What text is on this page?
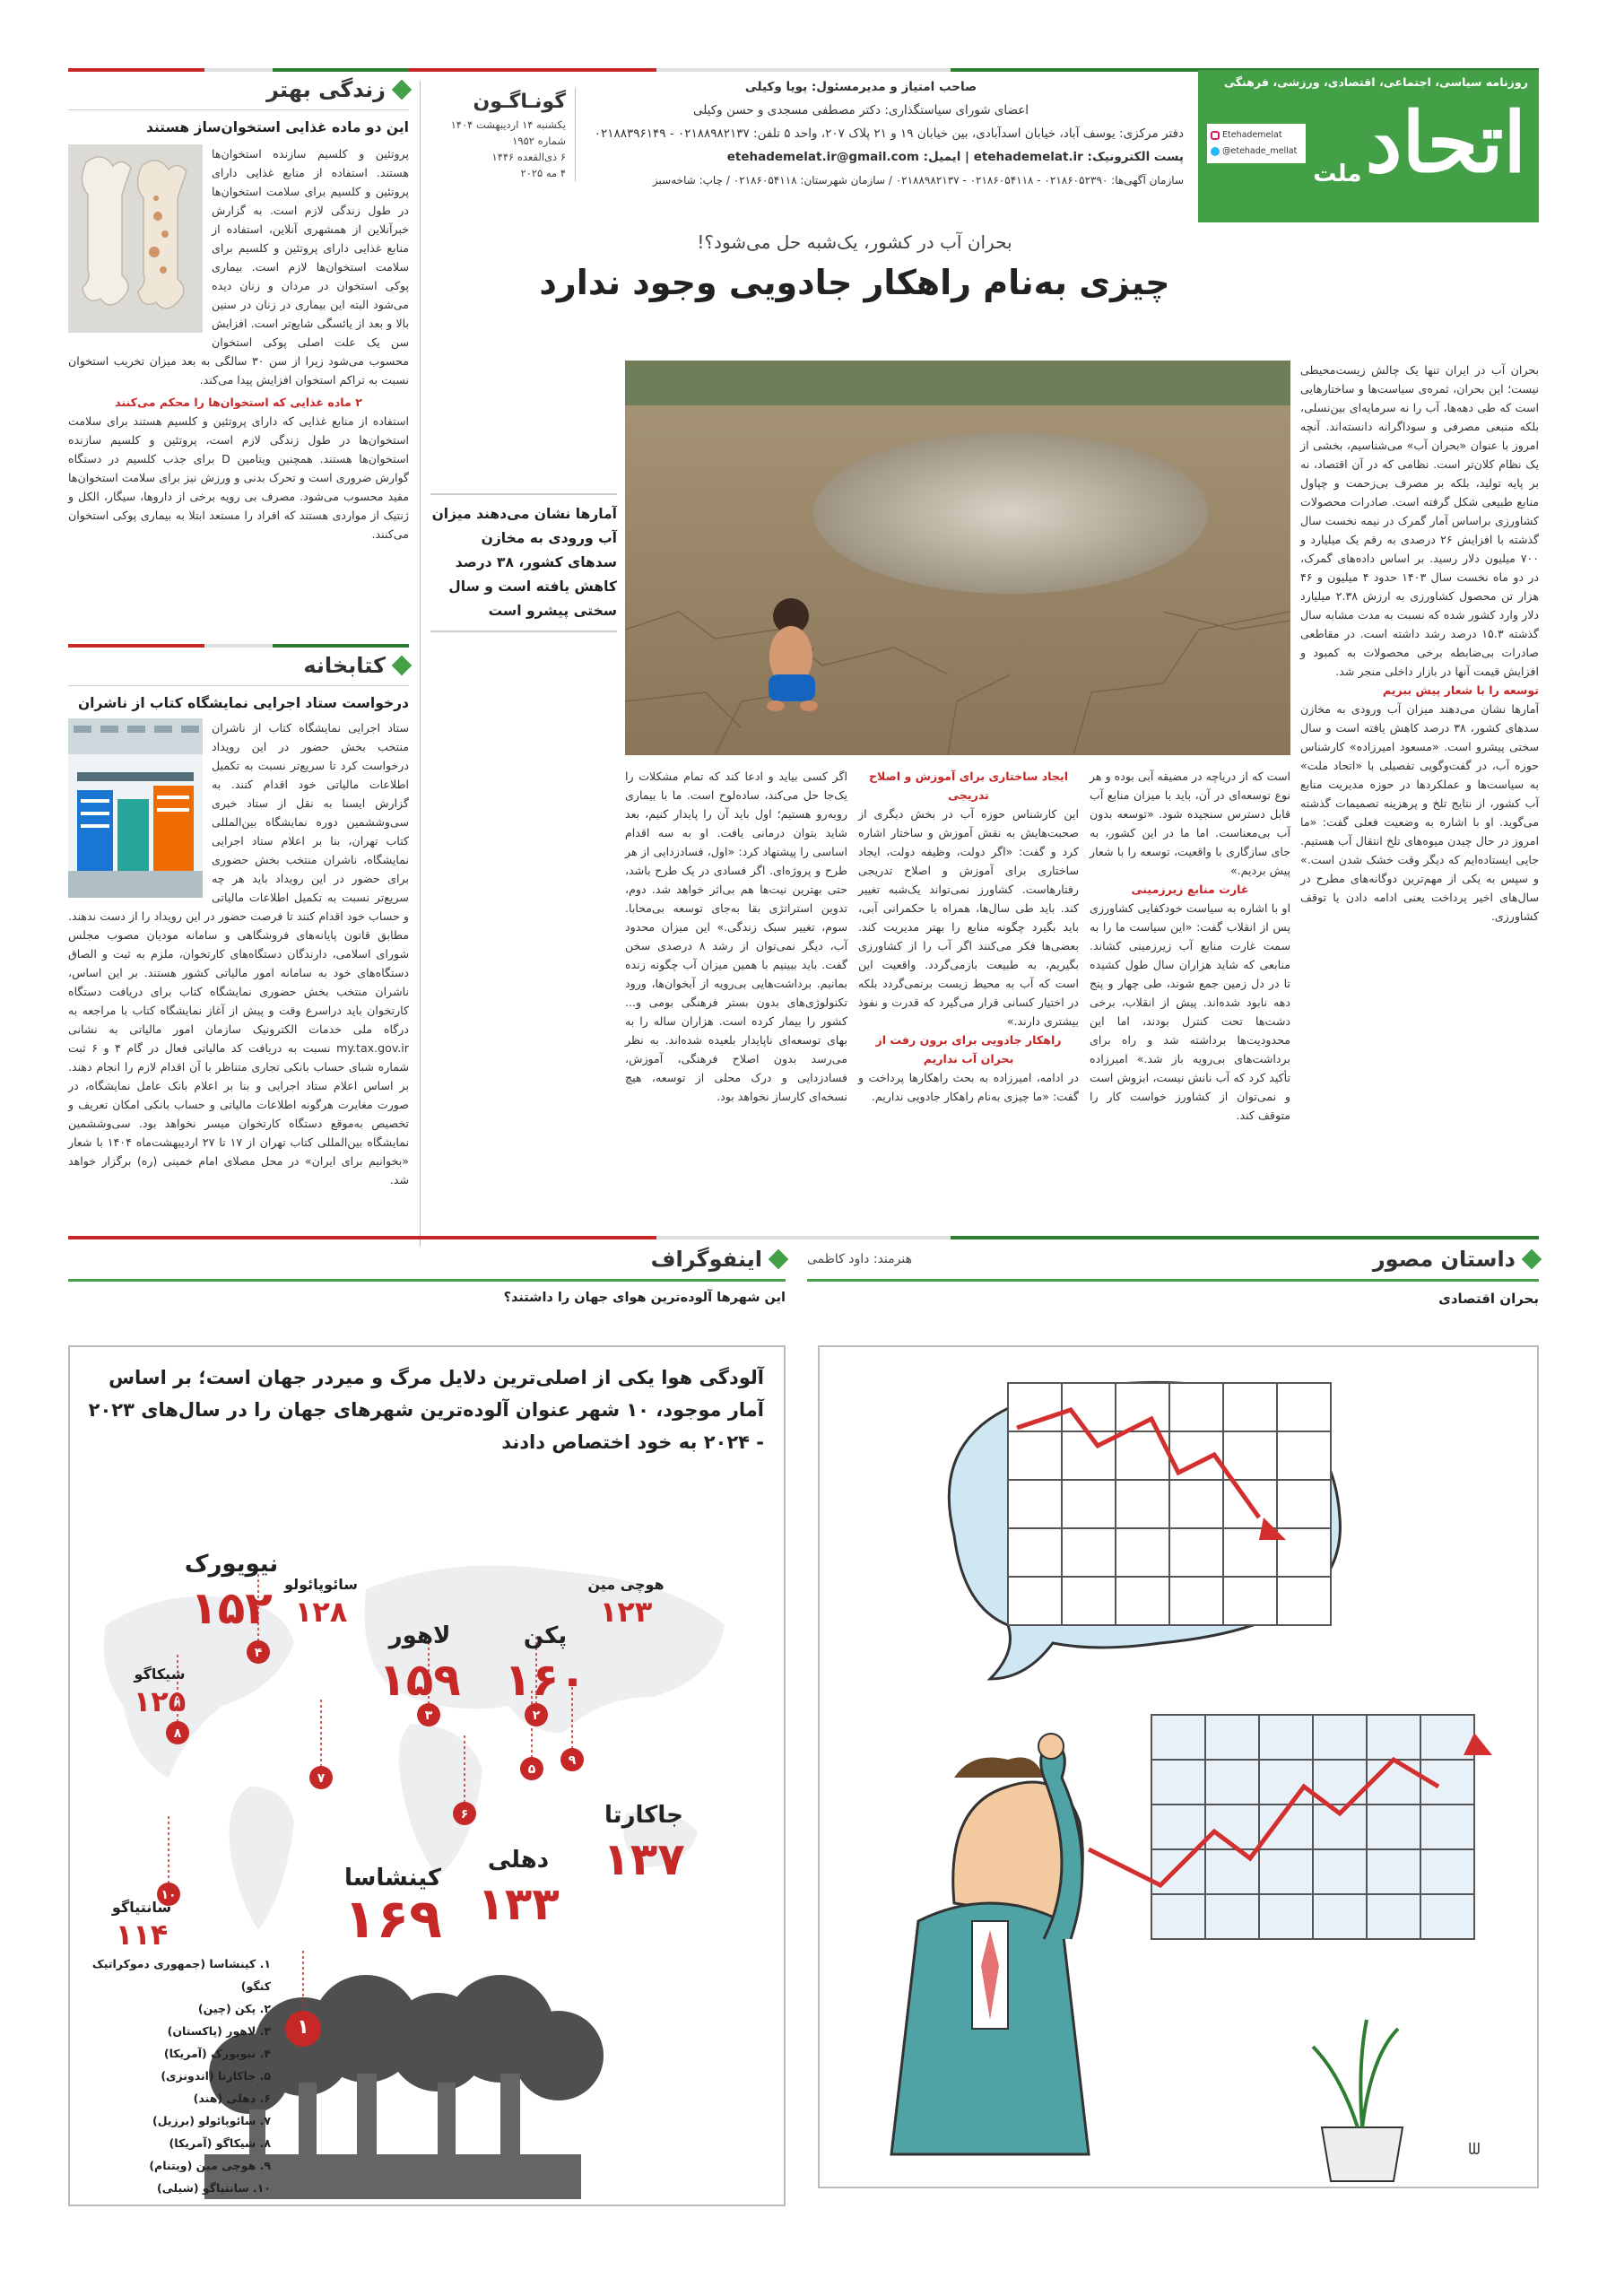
روزنامه سیاسی، اجتماعی، اقتصادی، ورزشی، فرهنگی
اتحاد
ملت
Etehademelat
@etehade_mellat
صاحب امتیاز و مدیرمسئول: پویا وکیلی
اعضای شورای سیاستگذاری: دکتر مصطفی مسجدی و حسن وکیلی
دفتر مرکزی: یوسف آباد، خیابان اسدآبادی، بین خیابان ۱۹ و ۲۱ پلاک ۲۰۷، واحد ۵ تلفن: ۰۲۱۸۸۹۸۲۱۳۷ - ۰۲۱۸۸۳۹۶۱۴۹
پست الکترونیک: etehademelat.ir | ایمیل: etehademelat.ir@gmail.com
سازمان آگهی‌ها: ۰۲۱۸۶۰۵۲۳۹۰ - ۰۲۱۸۶۰۵۴۱۱۸ - ۰۲۱۸۸۹۸۲۱۳۷ / سازمان شهرستان: ۰۲۱۸۶۰۵۴۱۱۸ / چاپ: شاخه‌سبز
گونـاگـون
یکشنبه ۱۴ اردیبهشت ۱۴۰۴
شماره ۱۹۵۲
۶ ذی‌القعده ۱۴۴۶
۴ مه ۲۰۲۵
زندگی بهتر
این دو ماده غذایی استخوان‌ساز هستند
پروتئین و کلسیم سازنده استخوان‌ها هستند. استفاده از منابع غذایی دارای پروتئین و کلسیم برای سلامت استخوان‌ها در طول زندگی لازم است. به گزارش خبرآنلاین از همشهری آنلاین، استفاده از منابع غذایی دارای پروتئین و کلسیم برای سلامت استخوان‌ها لازم است. بیماری پوکی استخوان در مردان و زنان دیده می‌شود البته این بیماری در زنان در سنین بالا و بعد از یائسگی شایع‌تر است. افزایش سن یک علت اصلی پوکی استخوان محسوب می‌شود زیرا از سن ۳۰ سالگی به بعد میزان تخریب استخوان نسبت به تراکم استخوان افزایش پیدا می‌کند.
۲ ماده غذایی که استخوان‌ها را محکم می‌کنند
استفاده از منابع غذایی که دارای پروتئین و کلسیم هستند برای سلامت استخوان‌ها در طول زندگی لازم است، پروتئین و کلسیم سازنده استخوان‌ها هستند. همچنین ویتامین D برای جذب کلسیم در دستگاه گوارش ضروری است و تحرک بدنی و ورزش نیز برای سلامت استخوان‌ها مفید محسوب می‌شود. مصرف بی رویه برخی از داروها، سیگار، الکل و ژنتیک از مواردی هستند که افراد را مستعد ابتلا به بیماری پوکی استخوان می‌کنند.
کتابخانه
درخواست ستاد اجرایی نمایشگاه کتاب از ناشران
ستاد اجرایی نمایشگاه کتاب از ناشران منتخب بخش حضور در این رویداد درخواست کرد تا سریع‌تر نسبت به تکمیل اطلاعات مالیاتی خود اقدام کنند. به گزارش ایسنا به نقل از ستاد خبری سی‌وششمین دوره نمایشگاه بین‌المللی کتاب تهران، بنا بر اعلام ستاد اجرایی نمایشگاه، ناشران منتخب بخش حضوری برای حضور در این رویداد باید هر چه سریع‌تر نسبت به تکمیل اطلاعات مالیاتی و حساب خود اقدام کنند تا فرصت حضور در این رویداد را از دست ندهند. مطابق قانون پایانه‌های فروشگاهی و سامانه مودیان مصوب مجلس شورای اسلامی، دارندگان دستگاه‌های کارتخوان، ملزم به ثبت و الصاق دستگاه‌های خود به سامانه امور مالیاتی کشور هستند. بر این اساس، ناشران منتخب بخش حضوری نمایشگاه کتاب برای دریافت دستگاه کارتخوان باید دراسرع وقت و پیش از آغاز نمایشگاه کتاب با مراجعه به درگاه ملی خدمات الکترونیک سازمان امور مالیاتی به نشانی my.tax.gov.ir نسبت به دریافت کد مالیاتی فعال در گام ۴ و ۶ ثبت شماره شبای حساب بانکی تجاری متناظر با آن اقدام لازم را انجام دهند. بر اساس اعلام ستاد اجرایی و بنا بر اعلام بانک عامل نمایشگاه، در صورت مغایرت هرگونه اطلاعات مالیاتی و حساب بانکی امکان تعریف و تخصیص به‌موقع دستگاه کارتخوان میسر نخواهد بود. سی‌وششمین نمایشگاه بین‌المللی کتاب تهران از ۱۷ تا ۲۷ اردیبهشت‌ماه ۱۴۰۴ با شعار «بخوانیم برای ایران» در محل مصلای امام خمینی (ره) برگزار خواهد شد.
بحران آب در کشور، یک‌شبه حل می‌شود؟!
چیزی به‌نام راهکار جادویی وجود ندارد
آمارها نشان می‌دهند میزان آب ورودی به مخازن سدهای کشور، ۳۸ درصد کاهش یافته است و سال سختی پیشرو است
بحران آب در ایران تنها یک چالش زیست‌محیطی نیست؛ این بحران، ثمره‌ی سیاست‌ها و ساختارهایی است که طی دهه‌ها، آب را نه سرمایه‌ای بین‌نسلی، بلکه منبعی مصرفی و سوداگرانه دانسته‌اند. آنچه امروز با عنوان «بحران آب» می‌شناسیم، بخشی از یک نظام کلان‌تر است. نظامی که در آن اقتصاد، نه بر پایه تولید، بلکه بر مصرف بی‌زحمت و چپاول منابع طبیعی شکل گرفته است. صادرات محصولات کشاورزی براساس آمار گمرک در نیمه نخست سال گذشته با افزایش ۲۶ درصدی به رقم یک میلیارد و ۷۰۰ میلیون دلار رسید. بر اساس داده‌های گمرک، در دو ماه نخست سال ۱۴۰۳ حدود ۴ میلیون و ۴۶ هزار تن محصول کشاورزی به ارزش ۲.۳۸ میلیارد دلار وارد کشور شده که نسبت به مدت مشابه سال گذشته ۱۵.۳ درصد رشد داشته است. در مقاطعی صادرات بی‌ضابطه برخی محصولات به کمبود و افزایش قیمت آنها در بازار داخلی منجر شد.
توسعه را با شعار پیش ببریم
آمارها نشان می‌دهند میزان آب ورودی به مخازن سدهای کشور، ۳۸ درصد کاهش یافته است و سال سختی پیشرو است. «مسعود امیرزاده» کارشناس حوزه آب، در گفت‌وگویی تفصیلی با «اتحاد ملت» به سیاست‌ها و عملکردها در حوزه مدیریت منابع آب کشور، از نتایج تلخ و پرهزینه تصمیمات گذشته می‌گوید. او با اشاره به وضعیت فعلی گفت: «ما امروز در حال چیدن میوه‌های تلخ انتقال آب هستیم. جایی ایستاده‌ایم که دیگر وقت خشک شدن است.» و سپس به یکی از مهم‌ترین دوگانه‌های مطرح در سال‌های اخیر پرداخت یعنی ادامه دادن یا توقف کشاورزی.
است که از دریاچه در مضیقه آبی بوده و هر نوع توسعه‌ای در آن، باید با میزان منابع آب قابل دسترس سنجیده شود. «توسعه بدون آب بی‌معناست. اما ما در این کشور، به جای سازگاری با واقعیت، توسعه را با شعار پیش بردیم.»
غارت منابع زیرزمینی
او با اشاره به سیاست خودکفایی کشاورزی پس از انقلاب گفت: «این سیاست ما را به سمت غارت منابع آب زیرزمینی کشاند. منابعی که شاید هزاران سال طول کشیده تا در دل زمین جمع شوند، طی چهار و پنج دهه نابود شده‌اند. پیش از انقلاب، برخی دشت‌ها تحت کنترل بودند، اما این محدودیت‌ها برداشته شد و راه برای برداشت‌های بی‌رویه باز شد.» امیرزاده تأکید کرد که آب نانش نیست، ابزوش است و نمی‌توان از کشاورز خواست کار را متوقف کند.
ایجاد ساختاری برای آموزش و اصلاح تدریجی
این کارشناس حوزه آب در بخش دیگری از صحبت‌هایش به نقش آموزش و ساختار اشاره کرد و گفت: «اگر دولت، وظیفه دولت، ایجاد ساختاری برای آموزش و اصلاح تدریجی رفتارهاست. کشاورز نمی‌تواند یک‌شبه تغییر کند. باید طی سال‌ها، همراه با حکمرانی آبی، باید بگیرد چگونه منابع را بهتر مدیریت کند. بعضی‌ها فکر می‌کنند اگر آب را از کشاورزی بگیریم، به طبیعت بازمی‌گردد. واقعیت این است که آب به محیط زیست برنمی‌گردد بلکه در اختیار کسانی قرار می‌گیرد که قدرت و نفوذ بیشتری دارند.»
راهکار جادویی برای برون رفت از بحران آب نداریم
در ادامه، امیرزاده به بحث راهکارها پرداخت و گفت: «ما چیزی به‌نام راهکار جادویی نداریم.
اگر کسی بیاید و ادعا کند که تمام مشکلات را یک‌جا حل می‌کند، ساده‌لوح است. ما با بیماری روبه‌رو هستیم؛ اول باید آن را پایدار کنیم، بعد شاید بتوان درمانی یافت. او به سه اقدام اساسی را پیشنهاد کرد: «اول، فسادزدایی از هر طرح و پروژه‌ای. اگر فسادی در یک طرح باشد، حتی بهترین نیت‌ها هم بی‌اثر خواهد شد. دوم، تدوین استراتژی بقا به‌جای توسعه بی‌محابا. سوم، تغییر سبک زندگی.» این میزان محدود آب، دیگر نمی‌توان از رشد ۸ درصدی سخن گفت. باید ببینیم با همین میزان آب چگونه زنده بمانیم. برداشت‌هایی بی‌رویه از آبخوان‌ها، ورود تکنولوژی‌های بدون بستر فرهنگی بومی و... کشور را بیمار کرده است. هزاران ساله را به بهای توسعه‌ای ناپایدار بلعیده شده‌اند. به نظر می‌رسد بدون اصلاح فرهنگی، آموزش، فسادزدایی و درک محلی از توسعه، هیچ نسخه‌ای کارساز نخواهد بود.
اینفوگراف
این شهرها آلوده‌ترین هوای جهان را داشتند؟
آلودگی هوا یکی از اصلی‌ترین دلایل مرگ و میردر جهان است؛ بر اساس آمار موجود، ۱۰ شهر عنوان آلوده‌ترین شهرهای جهان را در سال‌های ۲۰۲۳ - ۲۰۲۴ به خود اختصاص دادند
۱
کینشاسا
۱۶۹
۲
پکن
۱۶۰
۳
لاهور
۱۵۹
۴
نیویورک
۱۵۲
۵
جاکارتا
۱۳۷
۶
دهلی
۱۳۳
۷
سائوپائولو
۱۲۸
۸
شیکاگو
۱۲۵
۹
هوچی مین
۱۲۳
۱۰
سانتیاگو
۱۱۴
۱. کینشاسا (جمهوری دموکراتیک کنگو)
۲. پکن (چین)
۳. لاهور (پاکستان)
۴. نیویورک (آمریکا)
۵. جاکارتا (اندونزی)
۶. دهلی (هند)
۷. سائوپائولو (برزیل)
۸. شیکاگو (آمریکا)
۹. هوچی مین (ویتنام)
۱۰. سانتیاگو (شیلی)
داستان مصور
هنرمند: داود کاظمی
بحران اقتصادی
ᗯ
